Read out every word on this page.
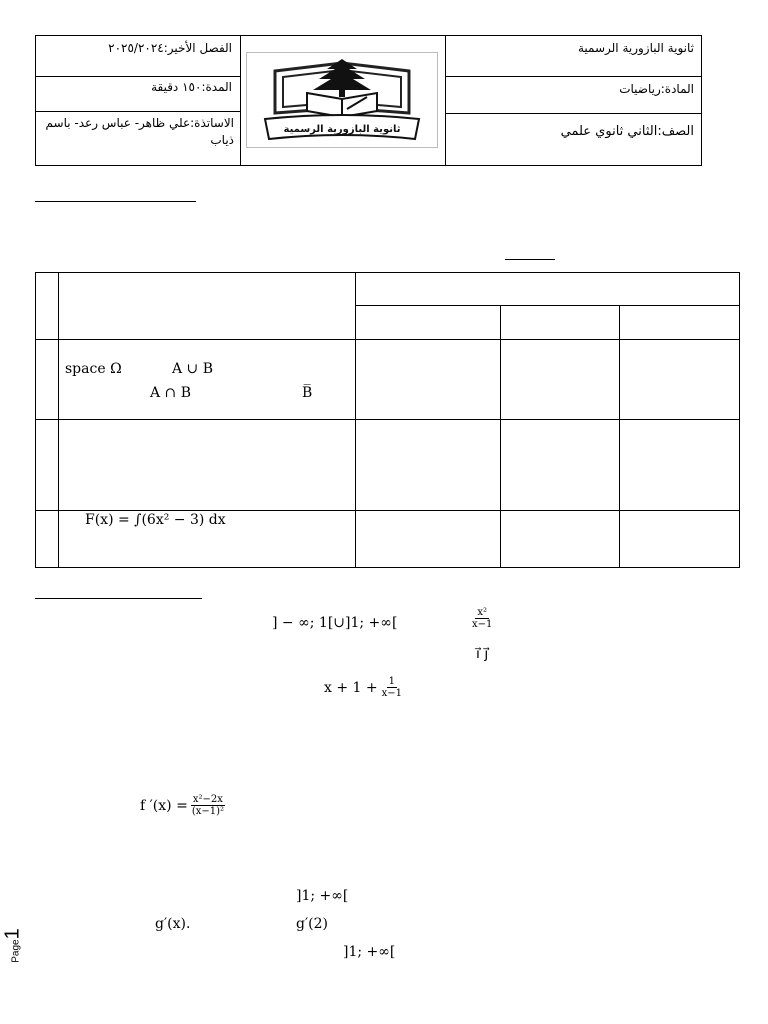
الفصل الأخير:٢٠٢٥/٢٠٢٤
المدة:١٥٠ دقيقة
الاساتذة:علي ظاهر- عباس رعد- باسم ذياب
ثانوية البازورية الرسمية
المادة:رياضيات
الصف:الثاني ثانوي علمي
ثانوية البازورية الرسمية
space Ω	A ∪ B
A ∩ B	B̅
F(x) = ∫(6x² − 3) dx
] − ∞; 1[∪]1; +∞[	$\frac{\text{x²}}{x-1}$
i⃗ j⃗
$x + 1 + \frac{1}{x-1}$
f $'(x) = \frac{\text{x²−2x}}{\text{(x−1)²}}$
]1; +∞[
g′(x).	g′(2)
]1; +∞[
Page1
